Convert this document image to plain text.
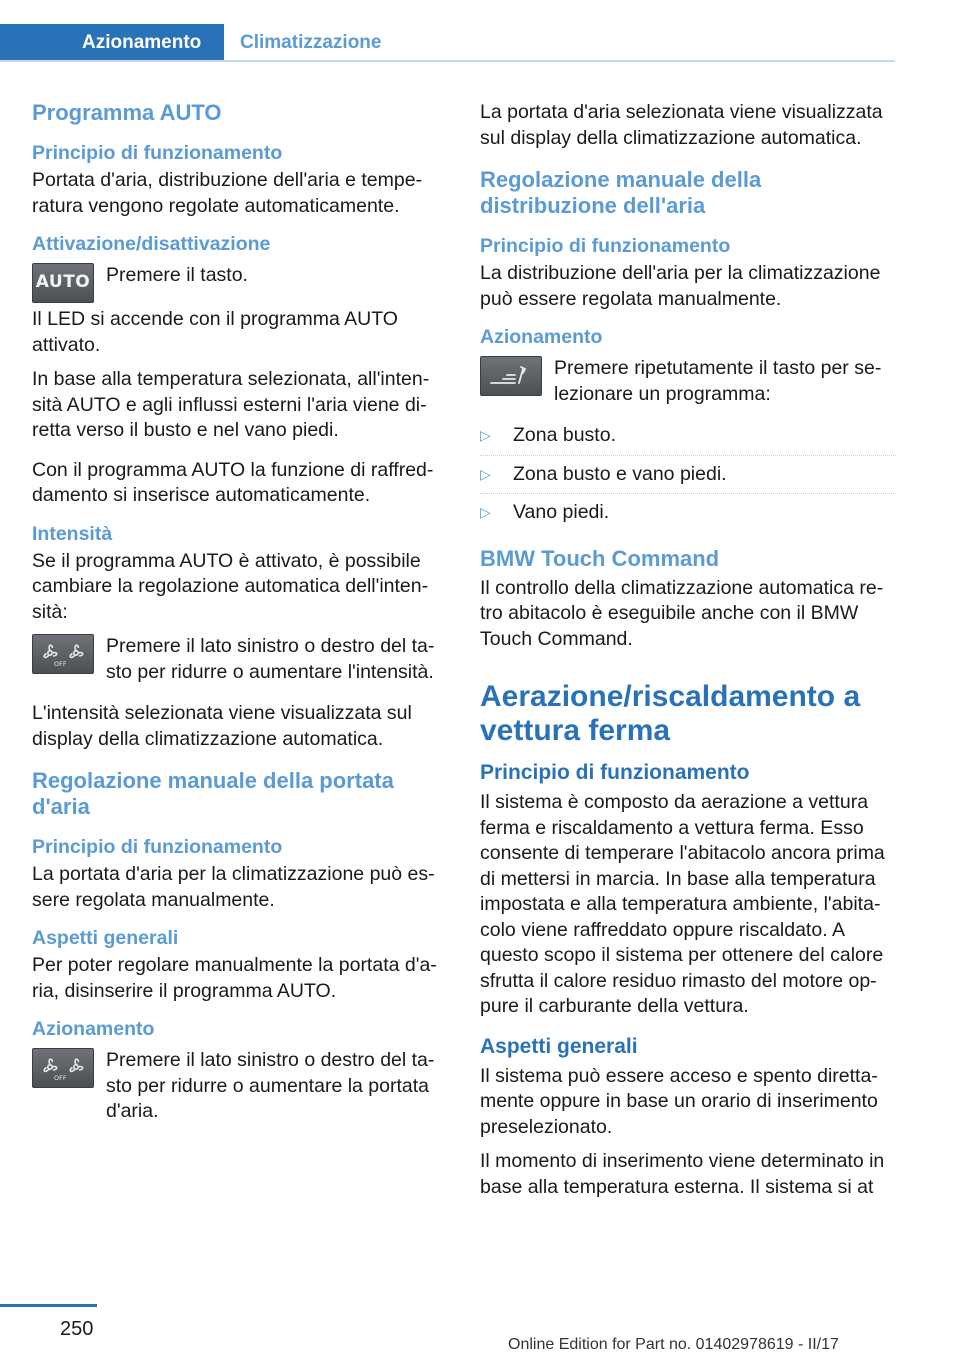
Azionamento	Climatizzazione
Programma AUTO
Principio di funzionamento

Portata d'aria, distribuzione dell'aria e temperatura vengono regolate automaticamente.

Attivazione/disattivazione
AUTO Premere il tasto.

Il LED si accende con il programma AUTO attivato.

In base alla temperatura selezionata, all'intensità AUTO e agli influssi esterni l'aria viene diretta verso il busto e nel vano piedi.

Con il programma AUTO la funzione di raffreddamento si inserisce automaticamente.

Intensità

Se il programma AUTO è attivato, è possibile cambiare la regolazione automatica dell'intensità:

OFF

Premere il lato sinistro o destro del tasto per ridurre o aumentare l'intensità.

L'intensità selezionata viene visualizzata sul display della climatizzazione automatica.

Regolazione manuale della portata d'aria
Principio di funzionamento

La portata d'aria per la climatizzazione può essere regolata manualmente.

Aspetti generali

Per poter regolare manualmente la portata d'aria, disinserire il programma AUTO.

Azionamento
OFF

Premere il lato sinistro o destro del tasto per ridurre o aumentare la portata d'aria.

La portata d'aria selezionata viene visualizzata sul display della climatizzazione automatica.

Regolazione manuale della distribuzione dell'aria
Principio di funzionamento

La distribuzione dell'aria per la climatizzazione può essere regolata manualmente.

Azionamento

Premere ripetutamente il tasto per selezionare un programma:

▷	Zona busto.
▷	Zona busto e vano piedi.
▷	Vano piedi.
BMW Touch Command

Il controllo della climatizzazione automatica retro abitacolo è eseguibile anche con il BMW Touch Command.

Aerazione/riscaldamento a vettura ferma
Principio di funzionamento

Il sistema è composto da aerazione a vettura ferma e riscaldamento a vettura ferma. Esso consente di temperare l'abitacolo ancora prima di mettersi in marcia. In base alla temperatura impostata e alla temperatura ambiente, l'abitacolo viene raffreddato oppure riscaldato. A questo scopo il sistema per ottenere del calore sfrutta il calore residuo rimasto del motore oppure il carburante della vettura.

Aspetti generali

Il sistema può essere acceso e spento direttamente oppure in base un orario di inserimento preselezionato.

Il momento di inserimento viene determinato in base alla temperatura esterna. Il sistema si at

250
Online Edition for Part no. 01402978619 - II/17
